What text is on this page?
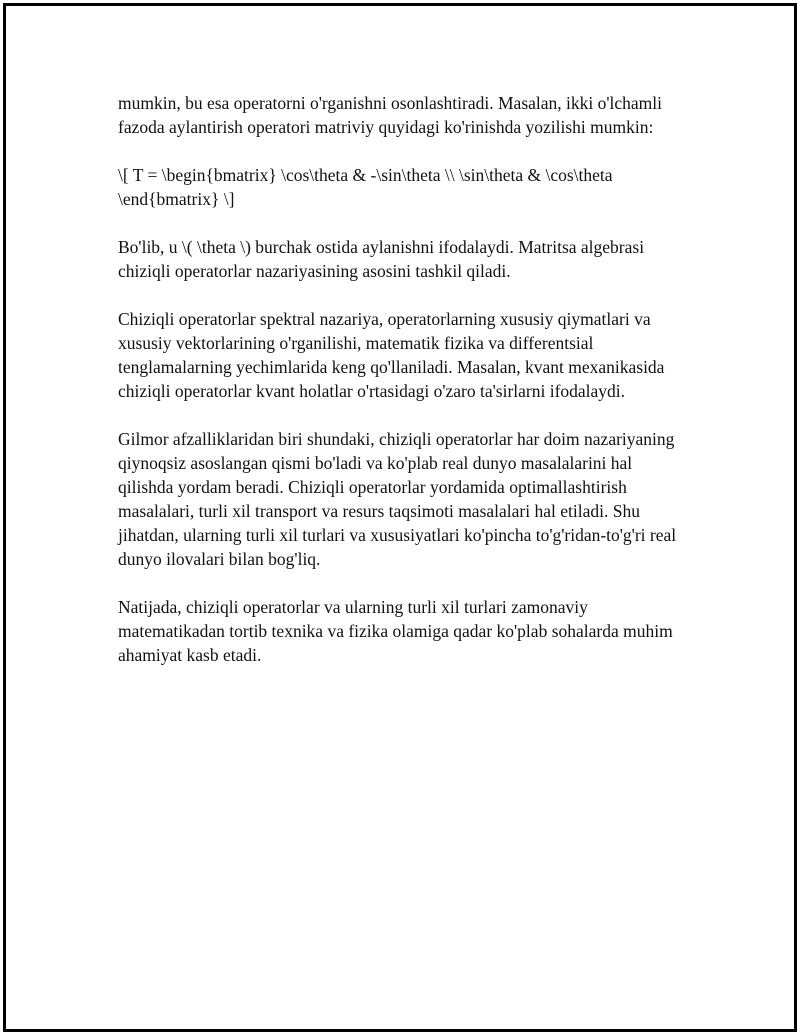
mumkin, bu esa operatorni o'rganishni osonlashtiradi. Masalan, ikki o'lchamli fazoda aylantirish operatori matriviy quyidagi ko'rinishda yozilishi mumkin:

\[ T = \begin{bmatrix} \cos\theta & -\sin\theta \\ \sin\theta & \cos\theta \end{bmatrix} \]

Bo'lib, u \( \theta \) burchak ostida aylanishni ifodalaydi. Matritsa algebrasi chiziqli operatorlar nazariyasining asosini tashkil qiladi.

Chiziqli operatorlar spektral nazariya, operatorlarning xususiy qiymatlari va xususiy vektorlarining o'rganilishi, matematik fizika va differentsial tenglamalarning yechimlarida keng qo'llaniladi. Masalan, kvant mexanikasida chiziqli operatorlar kvant holatlar o'rtasidagi o'zaro ta'sirlarni ifodalaydi.

Gilmor afzalliklaridan biri shundaki, chiziqli operatorlar har doim nazariyaning qiynoqsiz asoslangan qismi bo'ladi va ko'plab real dunyo masalalarini hal qilishda yordam beradi. Chiziqli operatorlar yordamida optimallashtirish masalalari, turli xil transport va resurs taqsimoti masalalari hal etiladi. Shu jihatdan, ularning turli xil turlari va xususiyatlari ko'pincha to'g'ridan-to'g'ri real dunyo ilovalari bilan bog'liq.

Natijada, chiziqli operatorlar va ularning turli xil turlari zamonaviy matematikadan tortib texnika va fizika olamiga qadar ko'plab sohalarda muhim ahamiyat kasb etadi.
